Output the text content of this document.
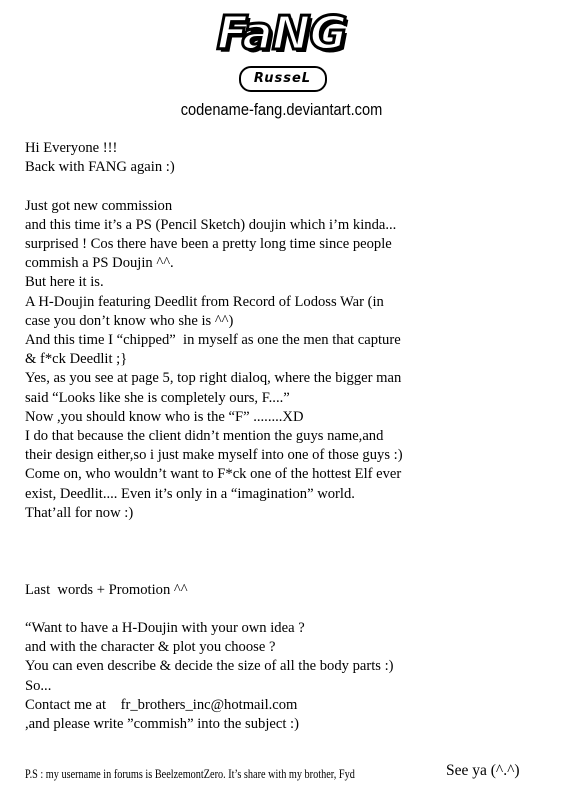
FaNG
RusseL
codename-fang.deviantart.com
Hi Everyone !!!
Back with FANG again :)
Just got new commission
and this time it’s a PS (Pencil Sketch) doujin which i’m kinda...
surprised ! Cos there have been a pretty long time since people
commish a PS Doujin ^^.
But here it is.
A H-Doujin featuring Deedlit from Record of Lodoss War (in
case you don’t know who she is ^^)
And this time I “chipped”  in myself as one the men that capture
& f*ck Deedlit ;}
Yes, as you see at page 5, top right dialoq, where the bigger man
said “Looks like she is completely ours, F....”
Now ,you should know who is the “F” ........XD
I do that because the client didn’t mention the guys name,and
their design either,so i just make myself into one of those guys :)
Come on, who wouldn’t want to F*ck one of the hottest Elf ever
exist, Deedlit.... Even it’s only in a “imagination” world.
That’all for now :)
Last  words + Promotion ^^
“Want to have a H-Doujin with your own idea ?
and with the character & plot you choose ?
You can even describe & decide the size of all the body parts :)
So...
Contact me at    fr_brothers_inc@hotmail.com
,and please write ”commish” into the subject :)
P.S : my username in forums is BeelzemontZero. It’s share with my brother, Fyd	See ya (^.^)
